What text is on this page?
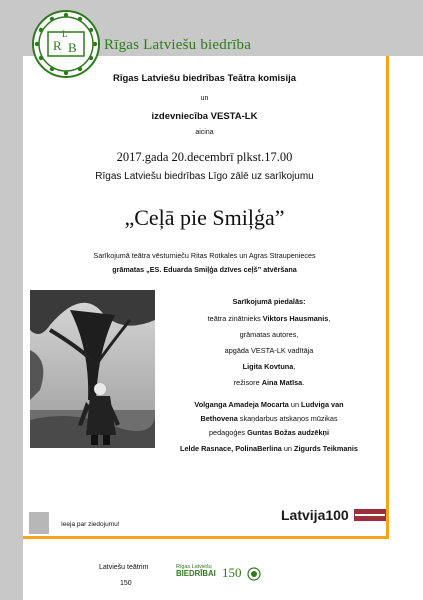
R
L
B Rīgas Latviešu biedrība
Rīgas Latviešu biedrības Teātra komisija
un
izdevniecība VESTA-LK
aicina
2017.gada 20.decembrī plkst.17.00
Rīgas Latviešu biedrības Līgo zālē uz sarīkojumu
„Ceļā pie Smiļģa”
Sarīkojumā teātra vēsturnieču Ritas Rotkales un Agras Straupenieces
grāmatas „ES. Eduarda Smiļģa dzīves ceļš” atvēršana
Sarīkojumā piedalās:
teātra zinātnieks Viktors Hausmanis,
grāmatas autores,
apgāda VESTA-LK vadītāja
Ligita Kovtuna,
režisore Aina Matīsa.
Volganga Amadeja Mocarta un Ludviga van
Bethovena skaņdarbus atskaņos mūzikas
pedagoģes Guntas Božas audzēkņi
Lelde Rasnace, PolinaBerlina un Zigurds Teikmanis
Ieeja par ziedojumu!
Latvija100
Latviešu teātrim
150
Rīgas Latviešu
BIEDRĪBAI 150
